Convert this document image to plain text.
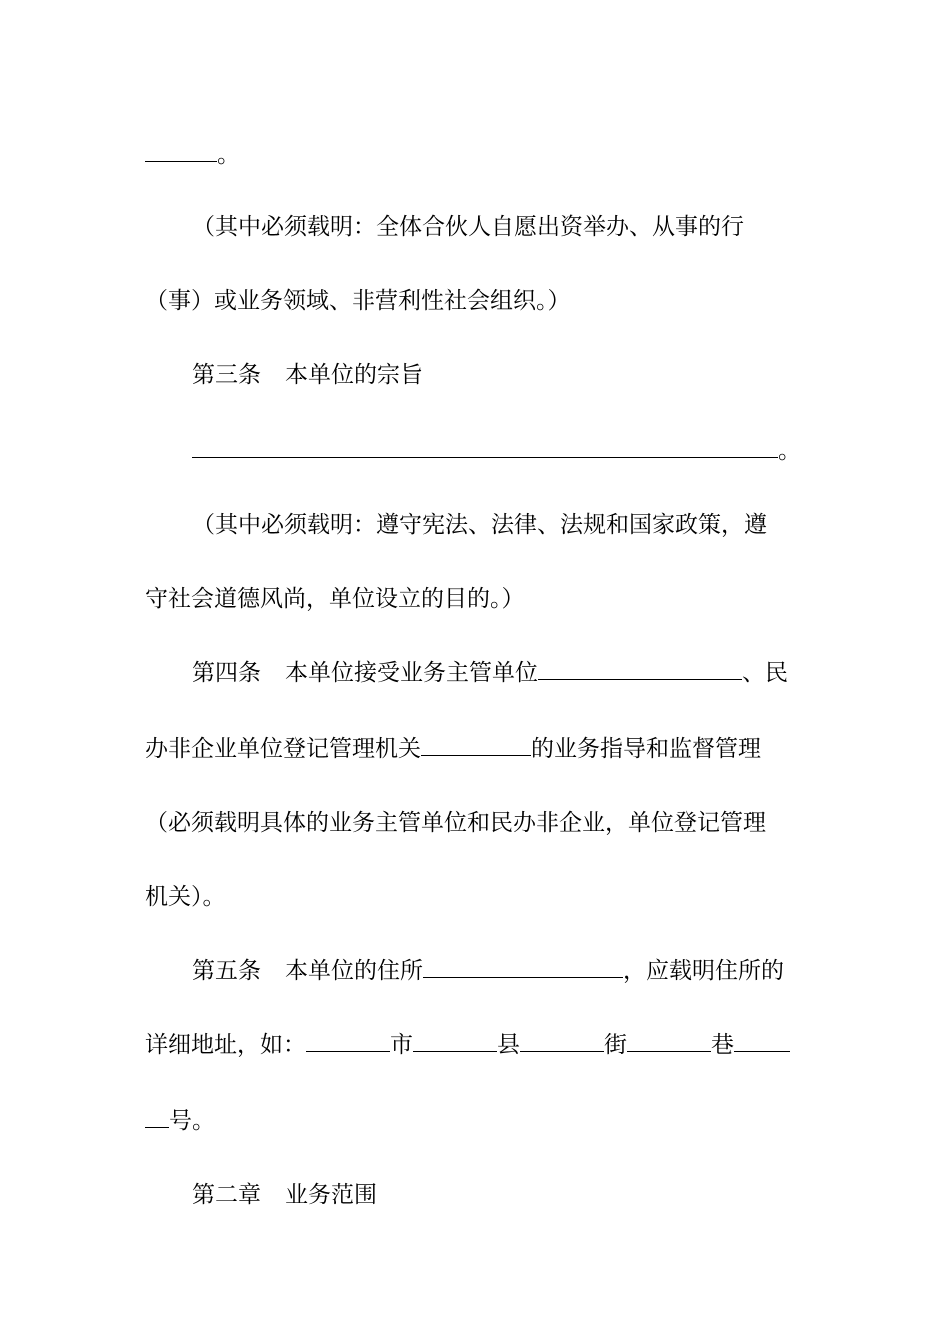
。
（其中必须载明：全体合伙人自愿出资举办、从事的行
（事）或业务领域、非营利性社会组织。）
第三条 本单位的宗旨
。
（其中必须载明：遵守宪法、法律、法规和国家政策，遵
守社会道德风尚，单位设立的目的。）
第四条 本单位接受业务主管单位	、民
办非企业单位登记管理机关	的业务指导和监督管理
（必须载明具体的业务主管单位和民办非企业，单位登记管理
机关）。
第五条 本单位的住所	，应载明住所的
详细地址，如：	市	县	街	巷
号。
第二章 业务范围
